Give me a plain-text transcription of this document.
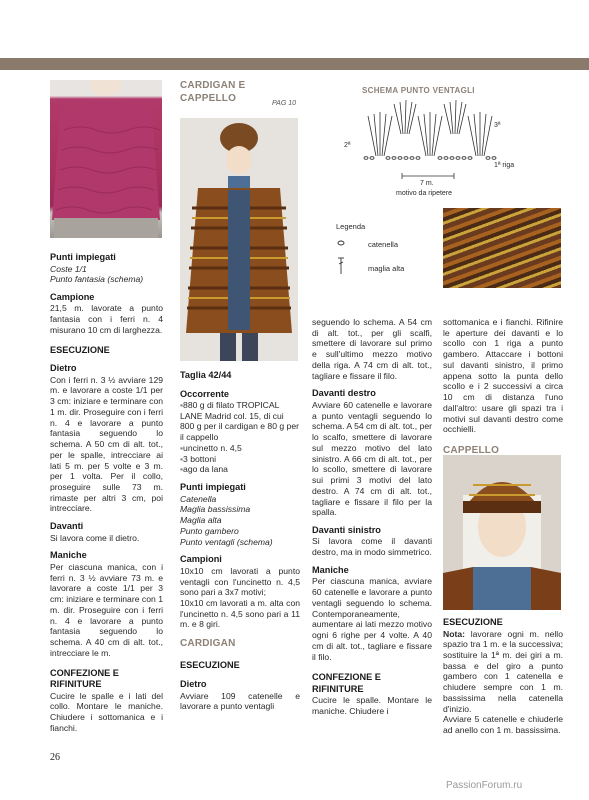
SCHEMA PUNTO VENTAGLI
2ª
3ª
1ª riga
7 m.
motivo da ripetere
Legenda
catenella
maglia alta
Punti impiegati
Coste 1/1
Punto fantasia (schema)
Campione

21,5 m. lavorate a punto fantasia con i ferri n. 4 misurano 10 cm di larghezza.

ESECUZIONE
Dietro

Con i ferri n. 3 ½ avviare 129 m. e lavorare a coste 1/1 per 3 cm: iniziare e terminare con 1 m. dir. Proseguire con i ferri n. 4 e lavorare a punto fantasia seguendo lo schema. A 50 cm di alt. tot., per le spalle, intrecciare ai lati 5 m. per 5 volte e 3 m. per 1 volta. Per il collo, proseguire sulle 73 m. rimaste per altri 3 cm, poi intrecciare.

Davanti

Si lavora come il dietro.

Maniche

Per ciascuna manica, con i ferri n. 3 ½ avviare 73 m. e lavorare a coste 1/1 per 3 cm: iniziare e terminare con 1 m. dir. Proseguire con i ferri n. 4 e lavorare a punto fantasia seguendo lo schema. A 40 cm di alt. tot., intrecciare le m.

CONFEZIONE E RIFINITURE

Cucire le spalle e i lati del collo. Montare le maniche. Chiudere i sottomanica e i fianchi.

CARDIGAN E CAPPELLO	PAG 10
Taglia 42/44
Occorrente
▪ 880 g di filato TROPICAL LANE Madrid col. 15, di cui 800 g per il cardigan e 80 g per il cappello
▪ uncinetto n. 4,5
▪ 3 bottoni
▪ ago da lana
Punti impiegati
Catenella
Maglia bassissima
Maglia alta
Punto gambero
Punto ventagli (schema)
Campioni

10x10 cm lavorati a punto ventagli con l'uncinetto n. 4,5 sono pari a 3x7 motivi;

10x10 cm lavorati a m. alta con l'uncinetto n. 4,5 sono pari a 11 m. e 8 giri.

CARDIGAN
ESECUZIONE
Dietro

Avviare 109 catenelle e lavorare a punto ventagli

seguendo lo schema. A 54 cm di alt. tot., per gli scalfi, smettere di lavorare sul primo e sull'ultimo mezzo motivo della riga. A 74 cm di alt. tot., tagliare e fissare il filo.

Davanti destro

Avviare 60 catenelle e lavorare a punto ventagli seguendo lo schema. A 54 cm di alt. tot., per lo scalfo, smettere di lavorare sul mezzo motivo del lato sinistro. A 66 cm di alt. tot., per lo scollo, smettere di lavorare sui primi 3 motivi del lato destro. A 74 cm di alt. tot., tagliare e fissare il filo per la spalla.

Davanti sinistro

Si lavora come il davanti destro, ma in modo simmetrico.

Maniche

Per ciascuna manica, avviare 60 catenelle e lavorare a punto ventagli seguendo lo schema. Contemporaneamente, aumentare ai lati mezzo motivo ogni 6 righe per 4 volte. A 40 cm di alt. tot., tagliare e fissare il filo.

CONFEZIONE E RIFINITURE

Cucire le spalle. Montare le maniche. Chiudere i

sottomanica e i fianchi. Rifinire le aperture dei davanti e lo scollo con 1 riga a punto gambero. Attaccare i bottoni sul davanti sinistro, il primo appena sotto la punta dello scollo e i 2 successivi a circa 10 cm di distanza l'uno dall'altro: usare gli spazi tra i motivi sul davanti destro come occhielli.

CAPPELLO
ESECUZIONE

Nota: lavorare ogni m. nello spazio tra 1 m. e la successiva; sostituire la 1ª m. dei giri a m. bassa e del giro a punto gambero con 1 catenella e chiudere sempre con 1 m. bassissima nella catenella d'inizio.

Avviare 5 catenelle e chiuderle ad anello con 1 m. bassissima.

26
PassionForum.ru
